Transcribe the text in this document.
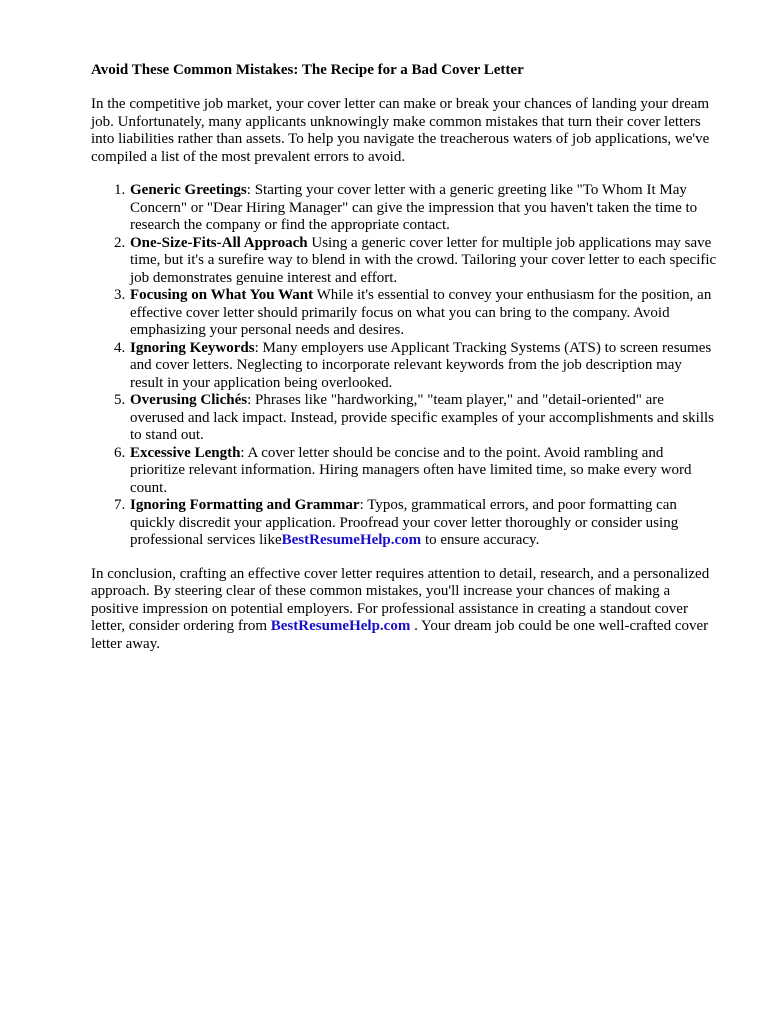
Avoid These Common Mistakes: The Recipe for a Bad Cover Letter

In the competitive job market, your cover letter can make or break your chances of landing your dream job. Unfortunately, many applicants unknowingly make common mistakes that turn their cover letters into liabilities rather than assets. To help you navigate the treacherous waters of job applications, we've compiled a list of the most prevalent errors to avoid.

1. Generic Greetings: Starting your cover letter with a generic greeting like "To Whom It May Concern" or "Dear Hiring Manager" can give the impression that you haven't taken the time to research the company or find the appropriate contact.
2. One-Size-Fits-All Approach Using a generic cover letter for multiple job applications may save time, but it's a surefire way to blend in with the crowd. Tailoring your cover letter to each specific job demonstrates genuine interest and effort.
3. Focusing on What You Want While it's essential to convey your enthusiasm for the position, an effective cover letter should primarily focus on what you can bring to the company. Avoid emphasizing your personal needs and desires.
4. Ignoring Keywords: Many employers use Applicant Tracking Systems (ATS) to screen resumes and cover letters. Neglecting to incorporate relevant keywords from the job description may result in your application being overlooked.
5. Overusing Clichés: Phrases like "hardworking," "team player," and "detail-oriented" are overused and lack impact. Instead, provide specific examples of your accomplishments and skills to stand out.
6. Excessive Length: A cover letter should be concise and to the point. Avoid rambling and prioritize relevant information. Hiring managers often have limited time, so make every word count.
7. Ignoring Formatting and Grammar: Typos, grammatical errors, and poor formatting can quickly discredit your application. Proofread your cover letter thoroughly or consider using professional services likeBestResumeHelp.com to ensure accuracy.

In conclusion, crafting an effective cover letter requires attention to detail, research, and a personalized approach. By steering clear of these common mistakes, you'll increase your chances of making a positive impression on potential employers. For professional assistance in creating a standout cover letter, consider ordering from BestResumeHelp.com . Your dream job could be one well-crafted cover letter away.
